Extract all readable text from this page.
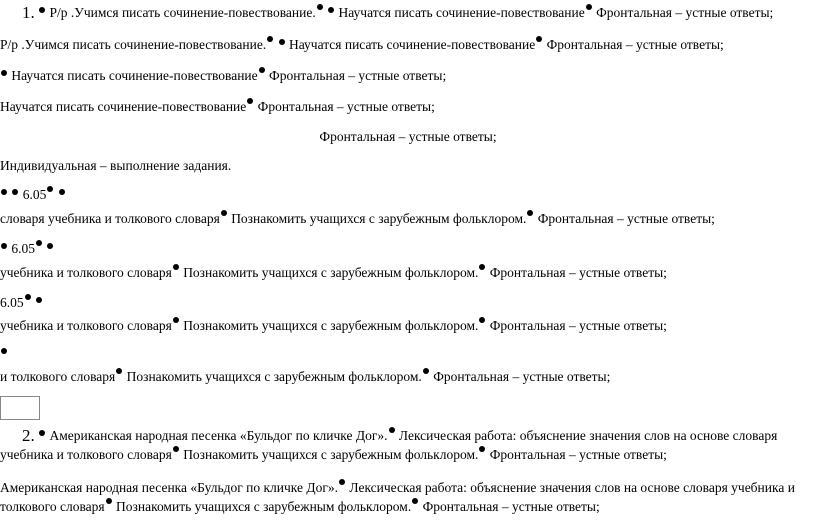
1. Р/р .Учимся писать сочинение-повествование. Научатся писать сочинение-повествование Фронтальная – устные ответы;

Р/р .Учимся писать сочинение-повествование. Научатся писать сочинение-повествование Фронтальная – устные ответы;

Научатся писать сочинение-повествование Фронтальная – устные ответы;

Научатся писать сочинение-повествование Фронтальная – устные ответы;

Фронтальная – устные ответы;

Индивидуальная – выполнение задания.

6.05

словаря учебника и толкового словаря Познакомить учащихся с зарубежным фольклором. Фронтальная – устные ответы;

6.05

учебника и толкового словаря Познакомить учащихся с зарубежным фольклором. Фронтальная – устные ответы;

6.05

учебника и толкового словаря Познакомить учащихся с зарубежным фольклором. Фронтальная – устные ответы;

и толкового словаря Познакомить учащихся с зарубежным фольклором. Фронтальная – устные ответы;

2. Американская народная песенка «Бульдог по кличке Дог». Лексическая работа: объяснение значения слов на основе словаря

учебника и толкового словаря Познакомить учащихся с зарубежным фольклором. Фронтальная – устные ответы;

Американская народная песенка «Бульдог по кличке Дог». Лексическая работа: объяснение значения слов на основе словаря учебника и

толкового словаря Познакомить учащихся с зарубежным фольклором. Фронтальная – устные ответы;
